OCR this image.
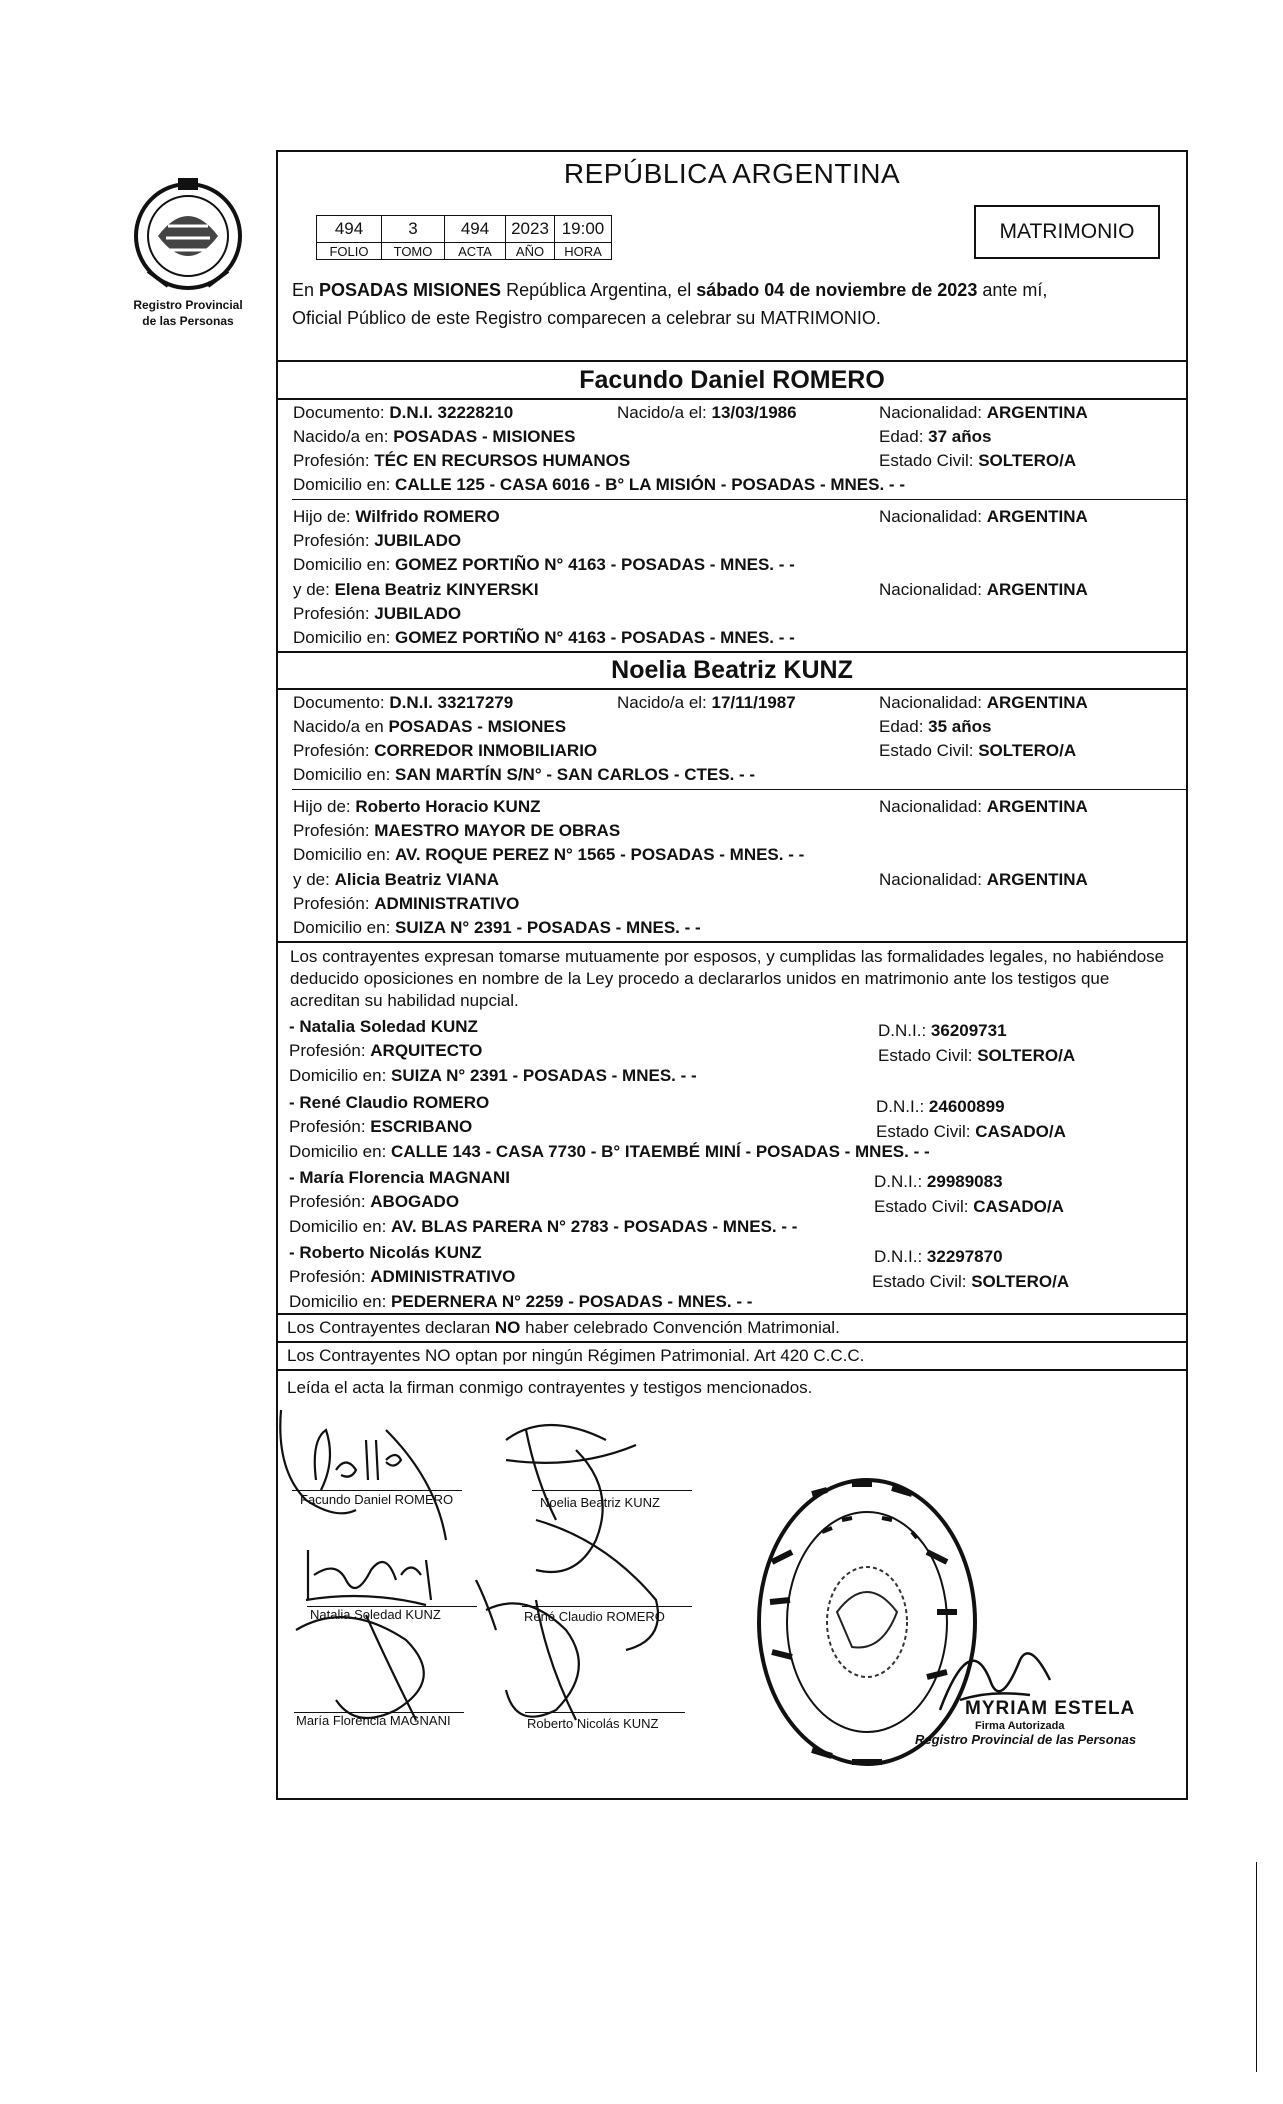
Registro Provincial
de las Personas
REPÚBLICA ARGENTINA
494	3	494	2023	19:00
FOLIO	TOMO	ACTA	AÑO	HORA
MATRIMONIO
En POSADAS MISIONES República Argentina, el sábado 04 de noviembre de 2023 ante mí,
Oficial Público de este Registro comparecen a celebrar su MATRIMONIO.
Facundo Daniel ROMERO
Documento: D.N.I. 32228210	Nacido/a el: 13/03/1986	Nacionalidad: ARGENTINA
Nacido/a en: POSADAS - MISIONES	Edad: 37 años
Profesión: TÉC EN RECURSOS HUMANOS	Estado Civil: SOLTERO/A
Domicilio en: CALLE 125 - CASA 6016 - B° LA MISIÓN - POSADAS - MNES. - -
Hijo de: Wilfrido ROMERO	Nacionalidad: ARGENTINA
Profesión: JUBILADO
Domicilio en: GOMEZ PORTIÑO N° 4163 - POSADAS - MNES. - -
y de: Elena Beatriz KINYERSKI	Nacionalidad: ARGENTINA
Profesión: JUBILADO
Domicilio en: GOMEZ PORTIÑO N° 4163 - POSADAS - MNES. - -
Noelia Beatriz KUNZ
Documento: D.N.I. 33217279	Nacido/a el: 17/11/1987	Nacionalidad: ARGENTINA
Nacido/a en POSADAS - MSIONES	Edad: 35 años
Profesión: CORREDOR INMOBILIARIO	Estado Civil: SOLTERO/A
Domicilio en: SAN MARTÍN S/N° - SAN CARLOS - CTES. - -
Hijo de: Roberto Horacio KUNZ	Nacionalidad: ARGENTINA
Profesión: MAESTRO MAYOR DE OBRAS
Domicilio en: AV. ROQUE PEREZ N° 1565 - POSADAS - MNES. - -
y de: Alicia Beatriz VIANA	Nacionalidad: ARGENTINA
Profesión: ADMINISTRATIVO
Domicilio en: SUIZA N° 2391 - POSADAS - MNES. - -
Los contrayentes expresan tomarse mutuamente por esposos, y cumplidas las formalidades legales, no habiéndose deducido oposiciones en nombre de la Ley procedo a declararlos unidos en matrimonio ante los testigos que acreditan su habilidad nupcial.
- Natalia Soledad KUNZ	D.N.I.: 36209731
Profesión: ARQUITECTO	Estado Civil: SOLTERO/A
Domicilio en: SUIZA N° 2391 - POSADAS - MNES. - -
- René Claudio ROMERO	D.N.I.: 24600899
Profesión: ESCRIBANO	Estado Civil: CASADO/A
Domicilio en: CALLE 143 - CASA 7730 - B° ITAEMBÉ MINÍ - POSADAS - MNES. - -
- María Florencia MAGNANI	D.N.I.: 29989083
Profesión: ABOGADO	Estado Civil: CASADO/A
Domicilio en: AV. BLAS PARERA N° 2783 - POSADAS - MNES. - -
- Roberto Nicolás KUNZ	D.N.I.: 32297870
Profesión: ADMINISTRATIVO	Estado Civil: SOLTERO/A
Domicilio en: PEDERNERA N° 2259 - POSADAS - MNES. - -
Los Contrayentes declaran NO haber celebrado Convención Matrimonial.
Los Contrayentes NO optan por ningún Régimen Patrimonial. Art 420 C.C.C.
Leída el acta la firman conmigo contrayentes y testigos mencionados.
Facundo Daniel ROMERO	Noelia Beatriz KUNZ
Natalia Soledad KUNZ	René Claudio ROMERO
María Florencia MAGNANI	Roberto Nicolás KUNZ
MYRIAM ESTELA
Firma Autorizada
Registro Provincial de las Personas
